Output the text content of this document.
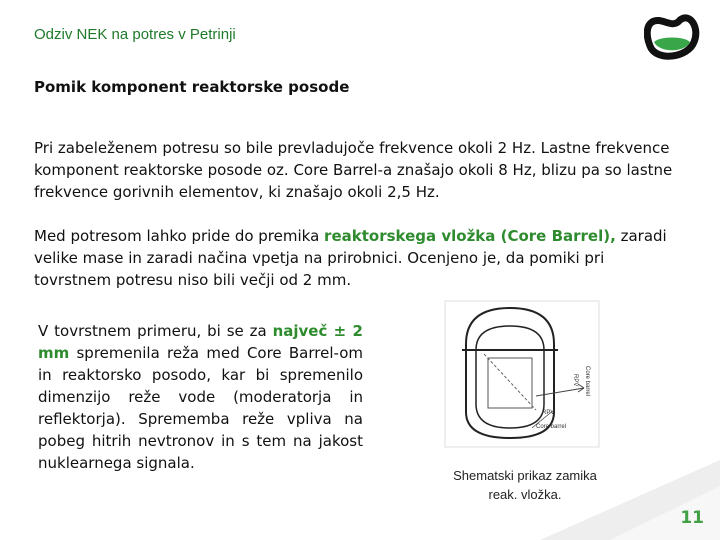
Odziv NEK na potres v Petrinji
Pomik komponent reaktorske posode

Pri zabeleženem potresu so bile prevladujoče frekvence okoli 2 Hz. Lastne frekvence komponent reaktorske posode oz. Core Barrel-a znašajo okoli 8 Hz, blizu pa so lastne frekvence gorivnih elementov, ki znašajo okoli 2,5 Hz.

Med potresom lahko pride do premika reaktorskega vložka (Core Barrel), zaradi velike mase in zaradi načina vpetja na prirobnici. Ocenjeno je, da pomiki pri tovrstnem potresu niso bili večji od 2 mm.

V tovrstnem primeru, bi se za največ ± 2 mm spremenila reža med Core Barrel-om in reaktorsko posodo, kar bi spremenilo dimenzijo reže vode (moderatorja in reflektorja). Sprememba reže vpliva na pobeg hitrih nevtronov in s tem na jakost nuklearnega signala.

Core barrel
RPV
RPV
Core barrel
Shematski prikaz zamika
reak. vložka.
11
